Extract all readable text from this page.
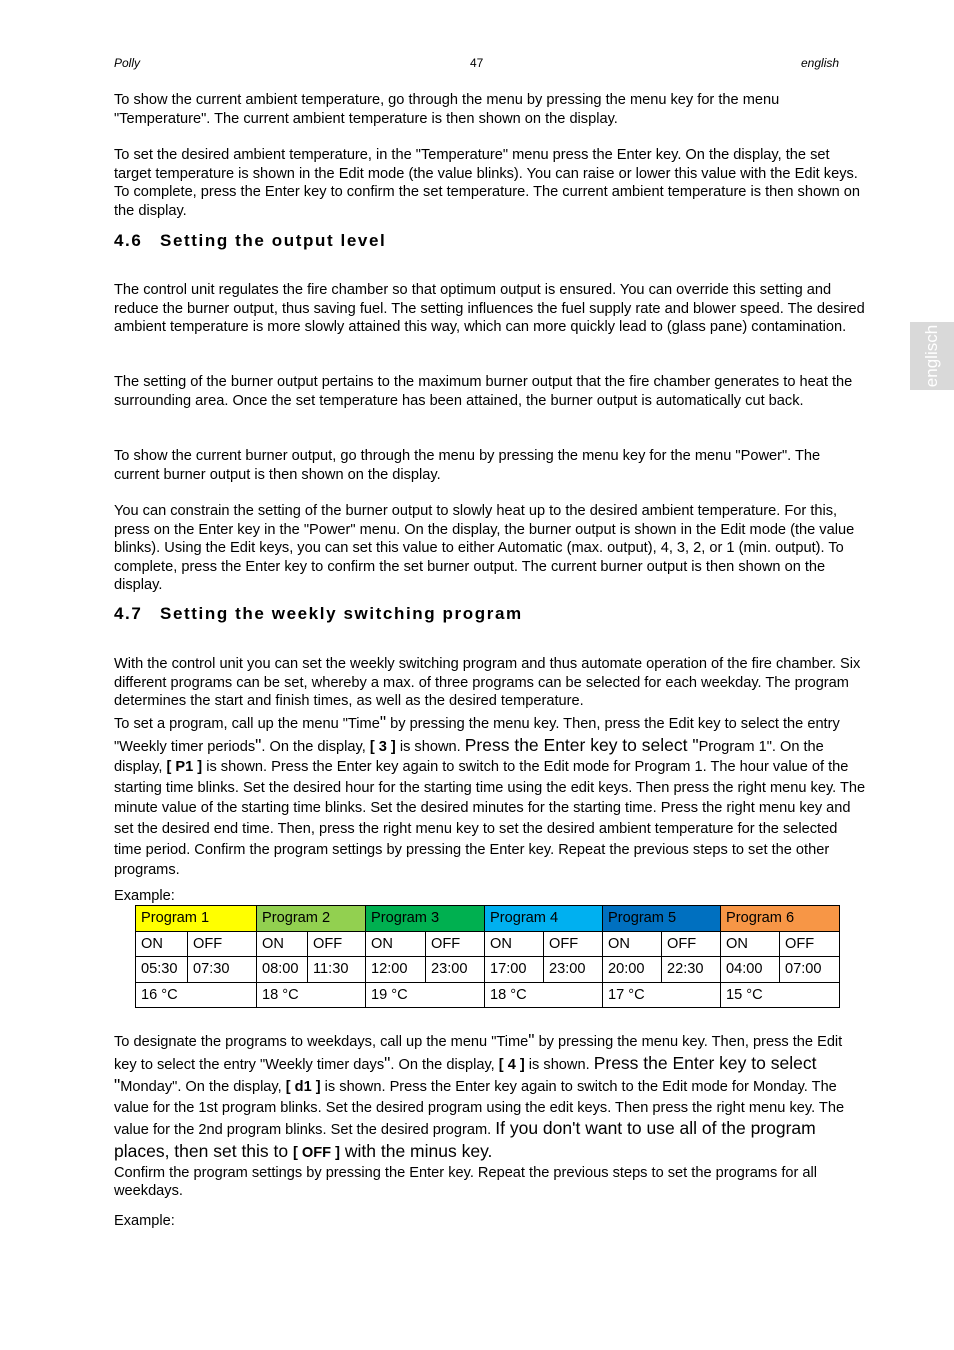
Polly	47	english
englisch

To show the current ambient temperature, go through the menu by pressing the menu key for the menu "Temperature". The current ambient temperature is then shown on the display.

To set the desired ambient temperature, in the "Temperature" menu press the Enter key. On the display, the set target temperature is shown in the Edit mode (the value blinks). You can raise or lower this value with the Edit keys. To complete, press the Enter key to confirm the set temperature. The current ambient temperature is then shown on the display.

4.6 Setting the output level

The control unit regulates the fire chamber so that optimum output is ensured. You can override this setting and reduce the burner output, thus saving fuel. The setting influences the fuel supply rate and blower speed. The desired ambient temperature is more slowly attained this way, which can more quickly lead to (glass pane) contamination.

The setting of the burner output pertains to the maximum burner output that the fire chamber generates to heat the surrounding area. Once the set temperature has been attained, the burner output is automatically cut back.

To show the current burner output, go through the menu by pressing the menu key for the menu "Power". The current burner output is then shown on the display.

You can constrain the setting of the burner output to slowly heat up to the desired ambient temperature. For this, press on the Enter key in the "Power" menu. On the display, the burner output is shown in the Edit mode (the value blinks). Using the Edit keys, you can set this value to either Automatic (max. output), 4, 3, 2, or 1 (min. output). To complete, press the Enter key to confirm the set burner output. The current burner output is then shown on the display.

4.7 Setting the weekly switching program

With the control unit you can set the weekly switching program and thus automate operation of the fire chamber. Six different programs can be set, whereby a max. of three programs can be selected for each weekday. The program determines the start and finish times, as well as the desired temperature.

To set a program, call up the menu "Time" by pressing the menu key. Then, press the Edit key to select the entry "Weekly timer periods". On the display, [ 3 ] is shown. Press the Enter key to select "Program 1". On the display, [ P1 ] is shown. Press the Enter key again to switch to the Edit mode for Program 1. The hour value of the starting time blinks. Set the desired hour for the starting time using the edit keys. Then press the right menu key. The minute value of the starting time blinks. Set the desired minutes for the starting time. Press the right menu key and set the desired end time. Then, press the right menu key to set the desired ambient temperature for the selected time period. Confirm the program settings by pressing the Enter key. Repeat the previous steps to set the other programs.

Example:
Program 1		Program 2		Program 3		Program 4		Program 5		Program 6	
ON	OFF	ON	OFF	ON	OFF	ON	OFF	ON	OFF	ON	OFF
05:30	07:30	08:00	11:30	12:00	23:00	17:00	23:00	20:00	22:30	04:00	07:00
16 °C		18 °C		19 °C		18 °C		17 °C		15 °C	

To designate the programs to weekdays, call up the menu "Time" by pressing the menu key. Then, press the Edit key to select the entry "Weekly timer days". On the display, [ 4 ] is shown. Press the Enter key to select "Monday". On the display, [ d1 ] is shown. Press the Enter key again to switch to the Edit mode for Monday. The value for the 1st program blinks. Set the desired program using the edit keys. Then press the right menu key. The value for the 2nd program blinks. Set the desired program. If you don't want to use all of the program places, then set this to [ OFF ] with the minus key.
Confirm the program settings by pressing the Enter key. Repeat the previous steps to set the programs for all weekdays.

Example:
